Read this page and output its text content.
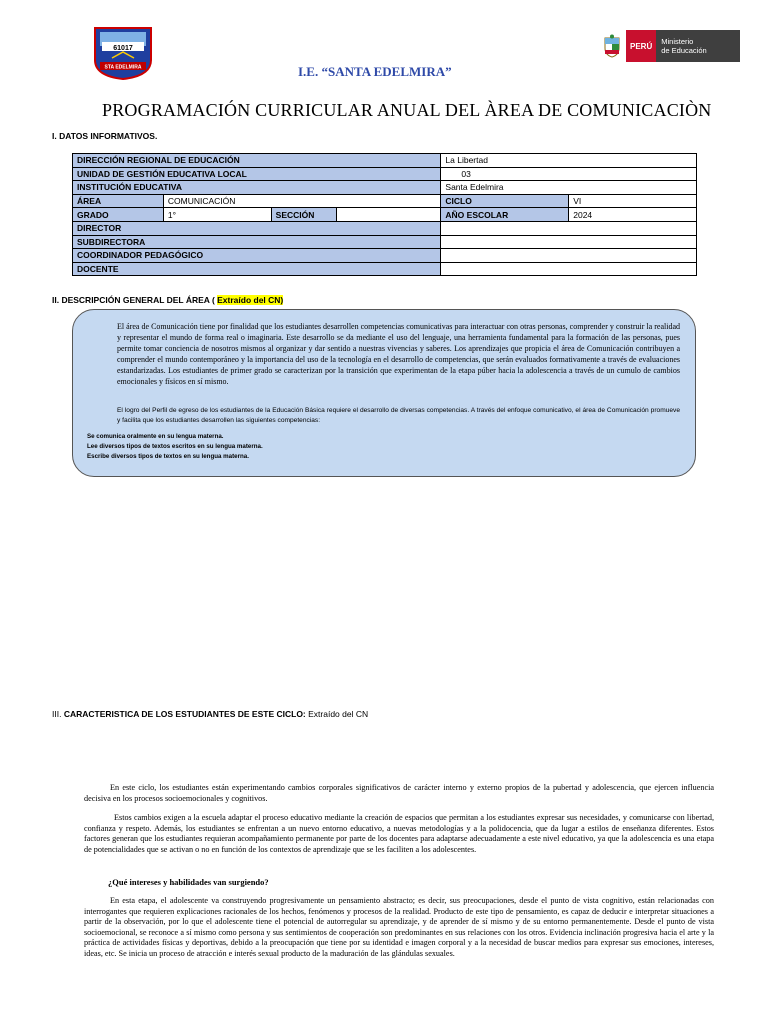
61017
STA EDELMIRA
PERÚ	Ministerio
de Educación
I.E. “SANTA EDELMIRA”
PROGRAMACIÓN CURRICULAR ANUAL DEL ÀREA DE COMUNICACIÒN
I. DATOS INFORMATIVOS.
DIRECCIÓN REGIONAL DE EDUCACIÓN				La Libertad	
UNIDAD DE GESTIÓN EDUCATIVA LOCAL				03	
INSTITUCIÓN EDUCATIVA				Santa Edelmira	
ÁREA	COMUNICACIÓN			CICLO	VI
GRADO	1°	SECCIÓN		AÑO ESCOLAR	2024
DIRECTOR					
SUBDIRECTORA					
COORDINADOR PEDAGÓGICO					
DOCENTE					
II. DESCRIPCIÓN GENERAL DEL ÁREA ( Extraído del CN)
El área de Comunicación tiene por finalidad que los estudiantes desarrollen competencias comunicativas para interactuar con otras personas, comprender y construir la realidad y representar el mundo de forma real o imaginaria. Este desarrollo se da mediante el uso del lenguaje, una herramienta fundamental para la formación de las personas, pues permite tomar conciencia de nosotros mismos al organizar y dar sentido a nuestras vivencias y saberes. Los aprendizajes que propicia el área de Comunicación contribuyen a comprender el mundo contemporáneo y la importancia del uso de la tecnología en el desarrollo de competencias, que serán evaluados formativamente a través de evaluaciones estandarizadas. Los estudiantes de primer grado se caracterizan por la transición que experimentan de la etapa púber hacia la adolescencia a través de un cumulo de cambios emocionales y físicos en sí mismo.
El logro del Perfil de egreso de los estudiantes de la Educación Básica requiere el desarrollo de diversas competencias. A través del enfoque comunicativo, el área de Comunicación promueve y facilita que los estudiantes desarrollen las siguientes competencias:
Se comunica oralmente en su lengua materna.
Lee diversos tipos de textos escritos en su lengua materna.
Escribe diversos tipos de textos en su lengua materna.
III. CARACTERISTICA DE LOS ESTUDIANTES DE ESTE CICLO: Extraído del CN
En este ciclo, los estudiantes están experimentando cambios corporales significativos de carácter interno y externo propios de la pubertad y adolescencia, que ejercen influencia decisiva en los procesos socioemocionales y cognitivos.
Estos cambios exigen a la escuela adaptar el proceso educativo mediante la creación de espacios que permitan a los estudiantes expresar sus necesidades, y comunicarse con libertad, confianza y respeto. Además, los estudiantes se enfrentan a un nuevo entorno educativo, a nuevas metodologías y a la polidocencia, que da lugar a estilos de enseñanza diferentes. Estos factores generan que los estudiantes requieran acompañamiento permanente por parte de los docentes para adaptarse adecuadamente a este nivel educativo, ya que la adolescencia es una etapa de potencialidades que se activan o no en función de los contextos de aprendizaje que se les faciliten a los adolescentes.
¿Qué intereses y habilidades van surgiendo?
En esta etapa, el adolescente va construyendo progresivamente un pensamiento abstracto; es decir, sus preocupaciones, desde el punto de vista cognitivo, están relacionadas con interrogantes que requieren explicaciones racionales de los hechos, fenómenos y procesos de la realidad. Producto de este tipo de pensamiento, es capaz de deducir e interpretar situaciones a partir de la observación, por lo que el adolescente tiene el potencial de autorregular su aprendizaje, y de aprender de sí mismo y de su entorno permanentemente. Desde el punto de vista socioemocional, se reconoce a sí mismo como persona y sus sentimientos de cooperación son predominantes en sus relaciones con los otros. Evidencia inclinación progresiva hacia el arte y la práctica de actividades físicas y deportivas, debido a la preocupación que tiene por su identidad e imagen corporal y a la necesidad de buscar medios para expresar sus emociones, intereses, ideas, etc. Se inicia un proceso de atracción e interés sexual producto de la maduración de las glándulas sexuales.
